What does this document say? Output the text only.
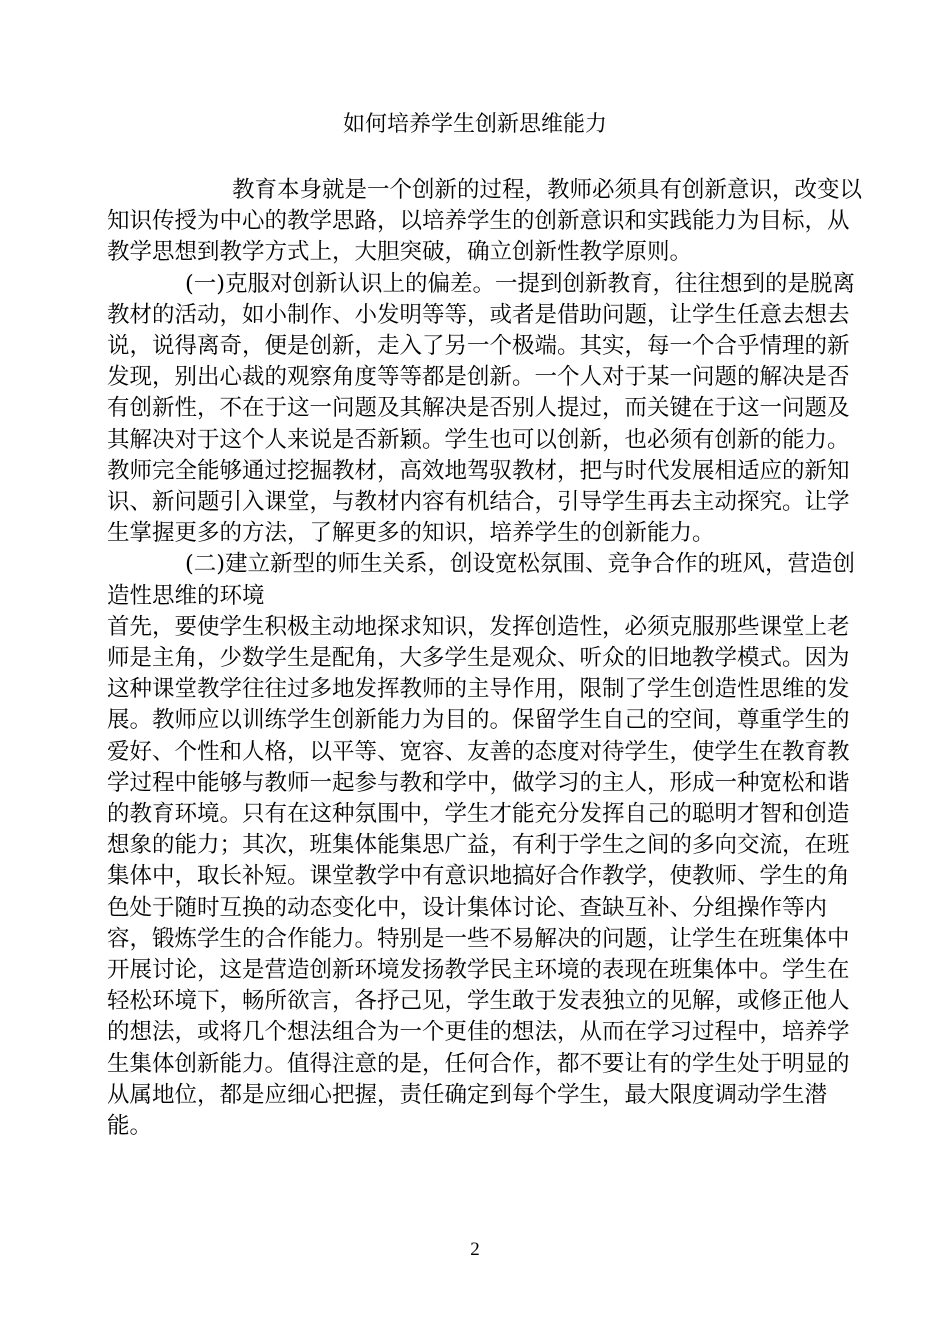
如何培养学生创新思维能力

教育本身就是一个创新的过程，教师必须具有创新意识，改变以知识传授为中心的教学思路，以培养学生的创新意识和实践能力为目标，从教学思想到教学方式上，大胆突破，确立创新性教学原则。

(一)克服对创新认识上的偏差。一提到创新教育，往往想到的是脱离教材的活动，如小制作、小发明等等，或者是借助问题，让学生任意去想去说，说得离奇，便是创新，走入了另一个极端。其实，每一个合乎情理的新发现，别出心裁的观察角度等等都是创新。一个人对于某一问题的解决是否有创新性，不在于这一问题及其解决是否别人提过，而关键在于这一问题及其解决对于这个人来说是否新颖。学生也可以创新，也必须有创新的能力。教师完全能够通过挖掘教材，高效地驾驭教材，把与时代发展相适应的新知识、新问题引入课堂，与教材内容有机结合，引导学生再去主动探究。让学生掌握更多的方法，了解更多的知识，培养学生的创新能力。

(二)建立新型的师生关系，创设宽松氛围、竞争合作的班风，营造创造性思维的环境

首先，要使学生积极主动地探求知识，发挥创造性，必须克服那些课堂上老师是主角，少数学生是配角，大多学生是观众、听众的旧地教学模式。因为这种课堂教学往往过多地发挥教师的主导作用，限制了学生创造性思维的发展。教师应以训练学生创新能力为目的。保留学生自己的空间，尊重学生的爱好、个性和人格，以平等、宽容、友善的态度对待学生，使学生在教育教学过程中能够与教师一起参与教和学中，做学习的主人，形成一种宽松和谐的教育环境。只有在这种氛围中，学生才能充分发挥自己的聪明才智和创造想象的能力；其次，班集体能集思广益，有利于学生之间的多向交流，在班集体中，取长补短。课堂教学中有意识地搞好合作教学，使教师、学生的角色处于随时互换的动态变化中，设计集体讨论、查缺互补、分组操作等内容，锻炼学生的合作能力。特别是一些不易解决的问题，让学生在班集体中开展讨论，这是营造创新环境发扬教学民主环境的表现在班集体中。学生在轻松环境下，畅所欲言，各抒己见，学生敢于发表独立的见解，或修正他人的想法，或将几个想法组合为一个更佳的想法，从而在学习过程中，培养学生集体创新能力。值得注意的是，任何合作，都不要让有的学生处于明显的从属地位，都是应细心把握，责任确定到每个学生，最大限度调动学生潜能。

2
